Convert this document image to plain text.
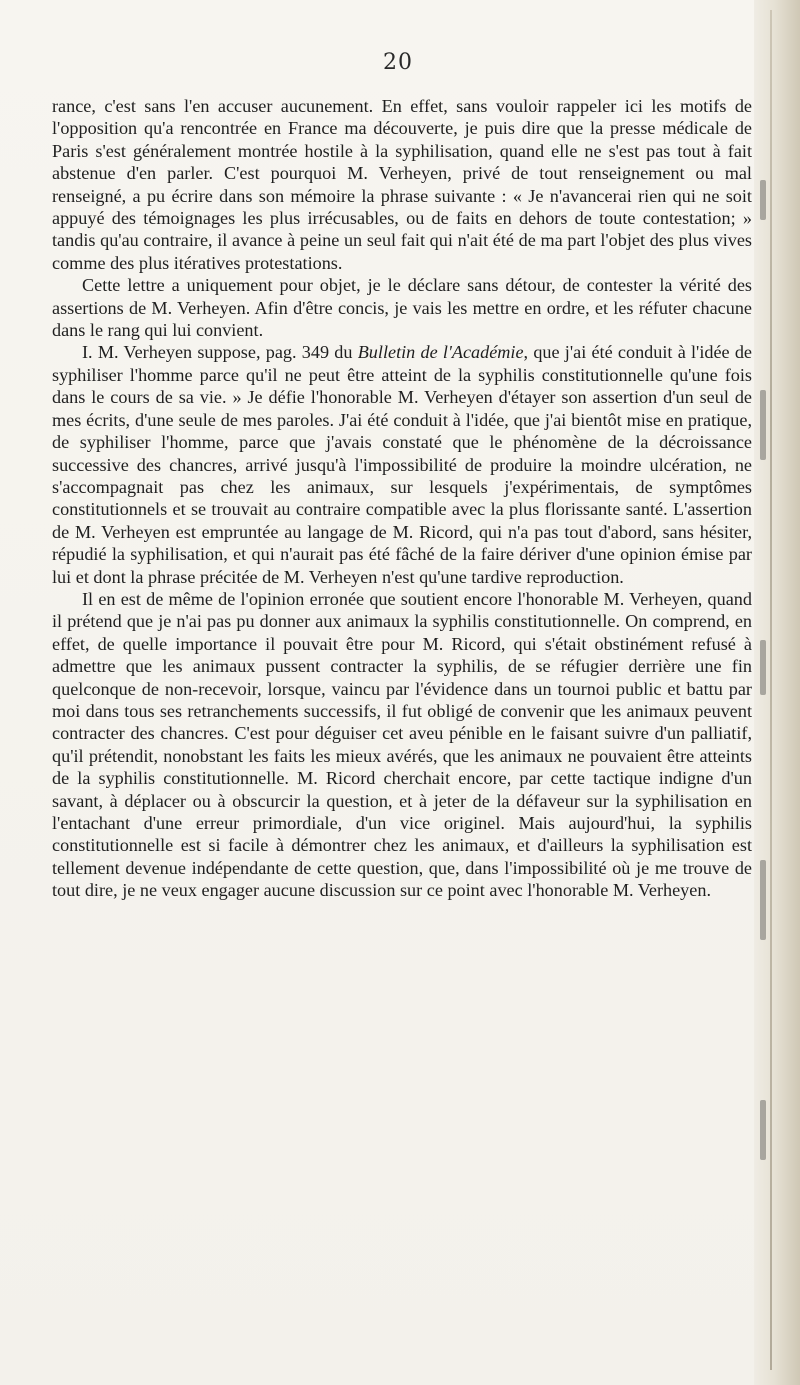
20

rance, c'est sans l'en accuser aucunement. En effet, sans vouloir rappeler ici les motifs de l'opposition qu'a rencontrée en France ma découverte, je puis dire que la presse médicale de Paris s'est généralement montrée hostile à la syphilisation, quand elle ne s'est pas tout à fait abstenue d'en parler. C'est pourquoi M. Verheyen, privé de tout renseignement ou mal renseigné, a pu écrire dans son mémoire la phrase suivante : « Je n'avancerai rien qui ne soit appuyé des témoignages les plus irrécusables, ou de faits en dehors de toute contestation; » tandis qu'au contraire, il avance à peine un seul fait qui n'ait été de ma part l'objet des plus vives comme des plus itératives protestations.

Cette lettre a uniquement pour objet, je le déclare sans détour, de contester la vérité des assertions de M. Verheyen. Afin d'être concis, je vais les mettre en ordre, et les réfuter chacune dans le rang qui lui convient.

I. M. Verheyen suppose, pag. 349 du Bulletin de l'Académie, que j'ai été conduit à l'idée de syphiliser l'homme parce qu'il ne peut être atteint de la syphilis constitutionnelle qu'une fois dans le cours de sa vie. » Je défie l'honorable M. Verheyen d'étayer son assertion d'un seul de mes écrits, d'une seule de mes paroles. J'ai été conduit à l'idée, que j'ai bientôt mise en pratique, de syphiliser l'homme, parce que j'avais constaté que le phénomène de la décroissance successive des chancres, arrivé jusqu'à l'impossibilité de produire la moindre ulcération, ne s'accompagnait pas chez les animaux, sur lesquels j'expérimentais, de symptômes constitutionnels et se trouvait au contraire compatible avec la plus florissante santé. L'assertion de M. Verheyen est empruntée au langage de M. Ricord, qui n'a pas tout d'abord, sans hésiter, répudié la syphilisation, et qui n'aurait pas été fâché de la faire dériver d'une opinion émise par lui et dont la phrase précitée de M. Verheyen n'est qu'une tardive reproduction.

Il en est de même de l'opinion erronée que soutient encore l'honorable M. Verheyen, quand il prétend que je n'ai pas pu donner aux animaux la syphilis constitutionnelle. On comprend, en effet, de quelle importance il pouvait être pour M. Ricord, qui s'était obstinément refusé à admettre que les animaux pussent contracter la syphilis, de se réfugier derrière une fin quelconque de non-recevoir, lorsque, vaincu par l'évidence dans un tournoi public et battu par moi dans tous ses retranchements successifs, il fut obligé de convenir que les animaux peuvent contracter des chancres. C'est pour déguiser cet aveu pénible en le faisant suivre d'un palliatif, qu'il prétendit, nonobstant les faits les mieux avérés, que les animaux ne pouvaient être atteints de la syphilis constitutionnelle. M. Ricord cherchait encore, par cette tactique indigne d'un savant, à déplacer ou à obscurcir la question, et à jeter de la défaveur sur la syphilisation en l'entachant d'une erreur primordiale, d'un vice originel. Mais aujourd'hui, la syphilis constitutionnelle est si facile à démontrer chez les animaux, et d'ailleurs la syphilisation est tellement devenue indépendante de cette question, que, dans l'impossibilité où je me trouve de tout dire, je ne veux engager aucune discussion sur ce point avec l'honorable M. Verheyen.
